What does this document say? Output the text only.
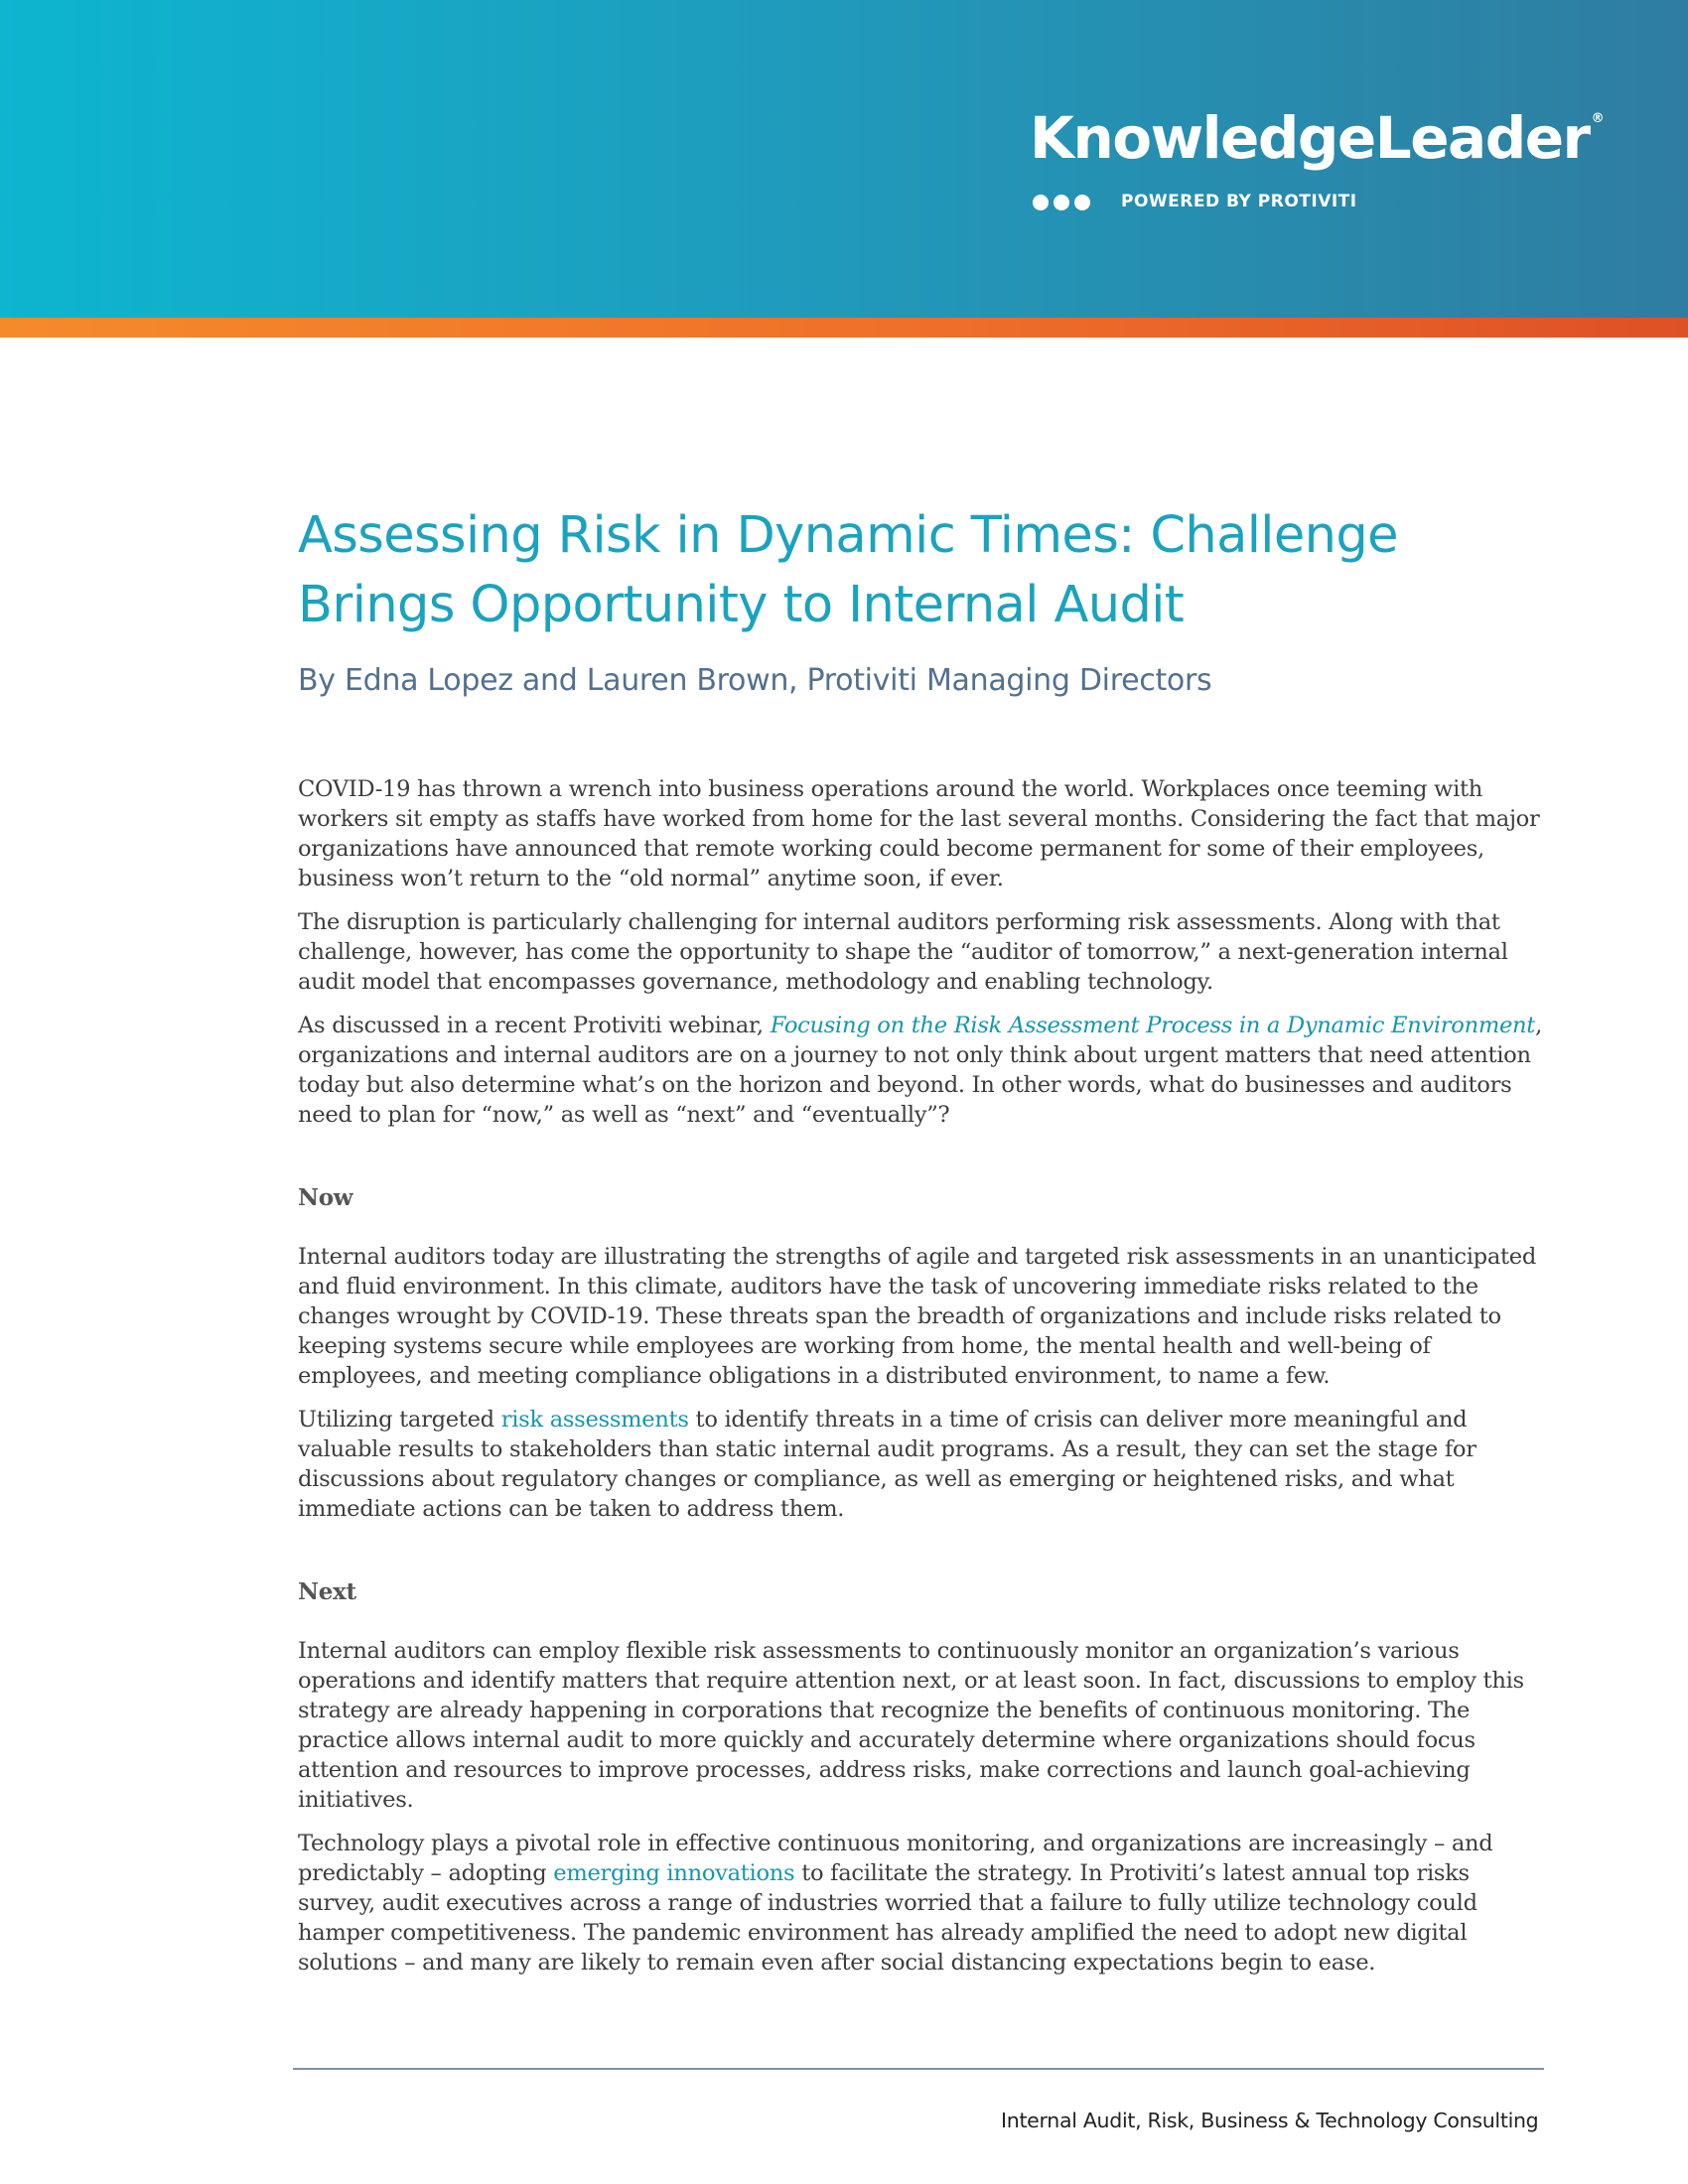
KnowledgeLeader ®
POWERED BY PROTIVITI
Assessing Risk in Dynamic Times: Challenge Brings Opportunity to Internal Audit
By Edna Lopez and Lauren Brown, Protiviti Managing Directors

COVID-19 has thrown a wrench into business operations around the world. Workplaces once teeming with workers sit empty as staffs have worked from home for the last several months. Considering the fact that major organizations have announced that remote working could become permanent for some of their employees, business won’t return to the “old normal” anytime soon, if ever.

The disruption is particularly challenging for internal auditors performing risk assessments. Along with that challenge, however, has come the opportunity to shape the “auditor of tomorrow,” a next-generation internal audit model that encompasses governance, methodology and enabling technology.

As discussed in a recent Protiviti webinar, Focusing on the Risk Assessment Process in a Dynamic Environment, organizations and internal auditors are on a journey to not only think about urgent matters that need attention today but also determine what’s on the horizon and beyond. In other words, what do businesses and auditors need to plan for “now,” as well as “next” and “eventually”?

Now

Internal auditors today are illustrating the strengths of agile and targeted risk assessments in an unanticipated and fluid environment. In this climate, auditors have the task of uncovering immediate risks related to the changes wrought by COVID-19. These threats span the breadth of organizations and include risks related to keeping systems secure while employees are working from home, the mental health and well-being of employees, and meeting compliance obligations in a distributed environment, to name a few.

Utilizing targeted risk assessments to identify threats in a time of crisis can deliver more meaningful and valuable results to stakeholders than static internal audit programs. As a result, they can set the stage for discussions about regulatory changes or compliance, as well as emerging or heightened risks, and what immediate actions can be taken to address them.

Next

Internal auditors can employ flexible risk assessments to continuously monitor an organization’s various operations and identify matters that require attention next, or at least soon. In fact, discussions to employ this strategy are already happening in corporations that recognize the benefits of continuous monitoring. The practice allows internal audit to more quickly and accurately determine where organizations should focus attention and resources to improve processes, address risks, make corrections and launch goal-achieving initiatives.

Technology plays a pivotal role in effective continuous monitoring, and organizations are increasingly – and predictably – adopting emerging innovations to facilitate the strategy. In Protiviti’s latest annual top risks survey, audit executives across a range of industries worried that a failure to fully utilize technology could hamper competitiveness. The pandemic environment has already amplified the need to adopt new digital solutions – and many are likely to remain even after social distancing expectations begin to ease.

Internal Audit, Risk, Business & Technology Consulting
